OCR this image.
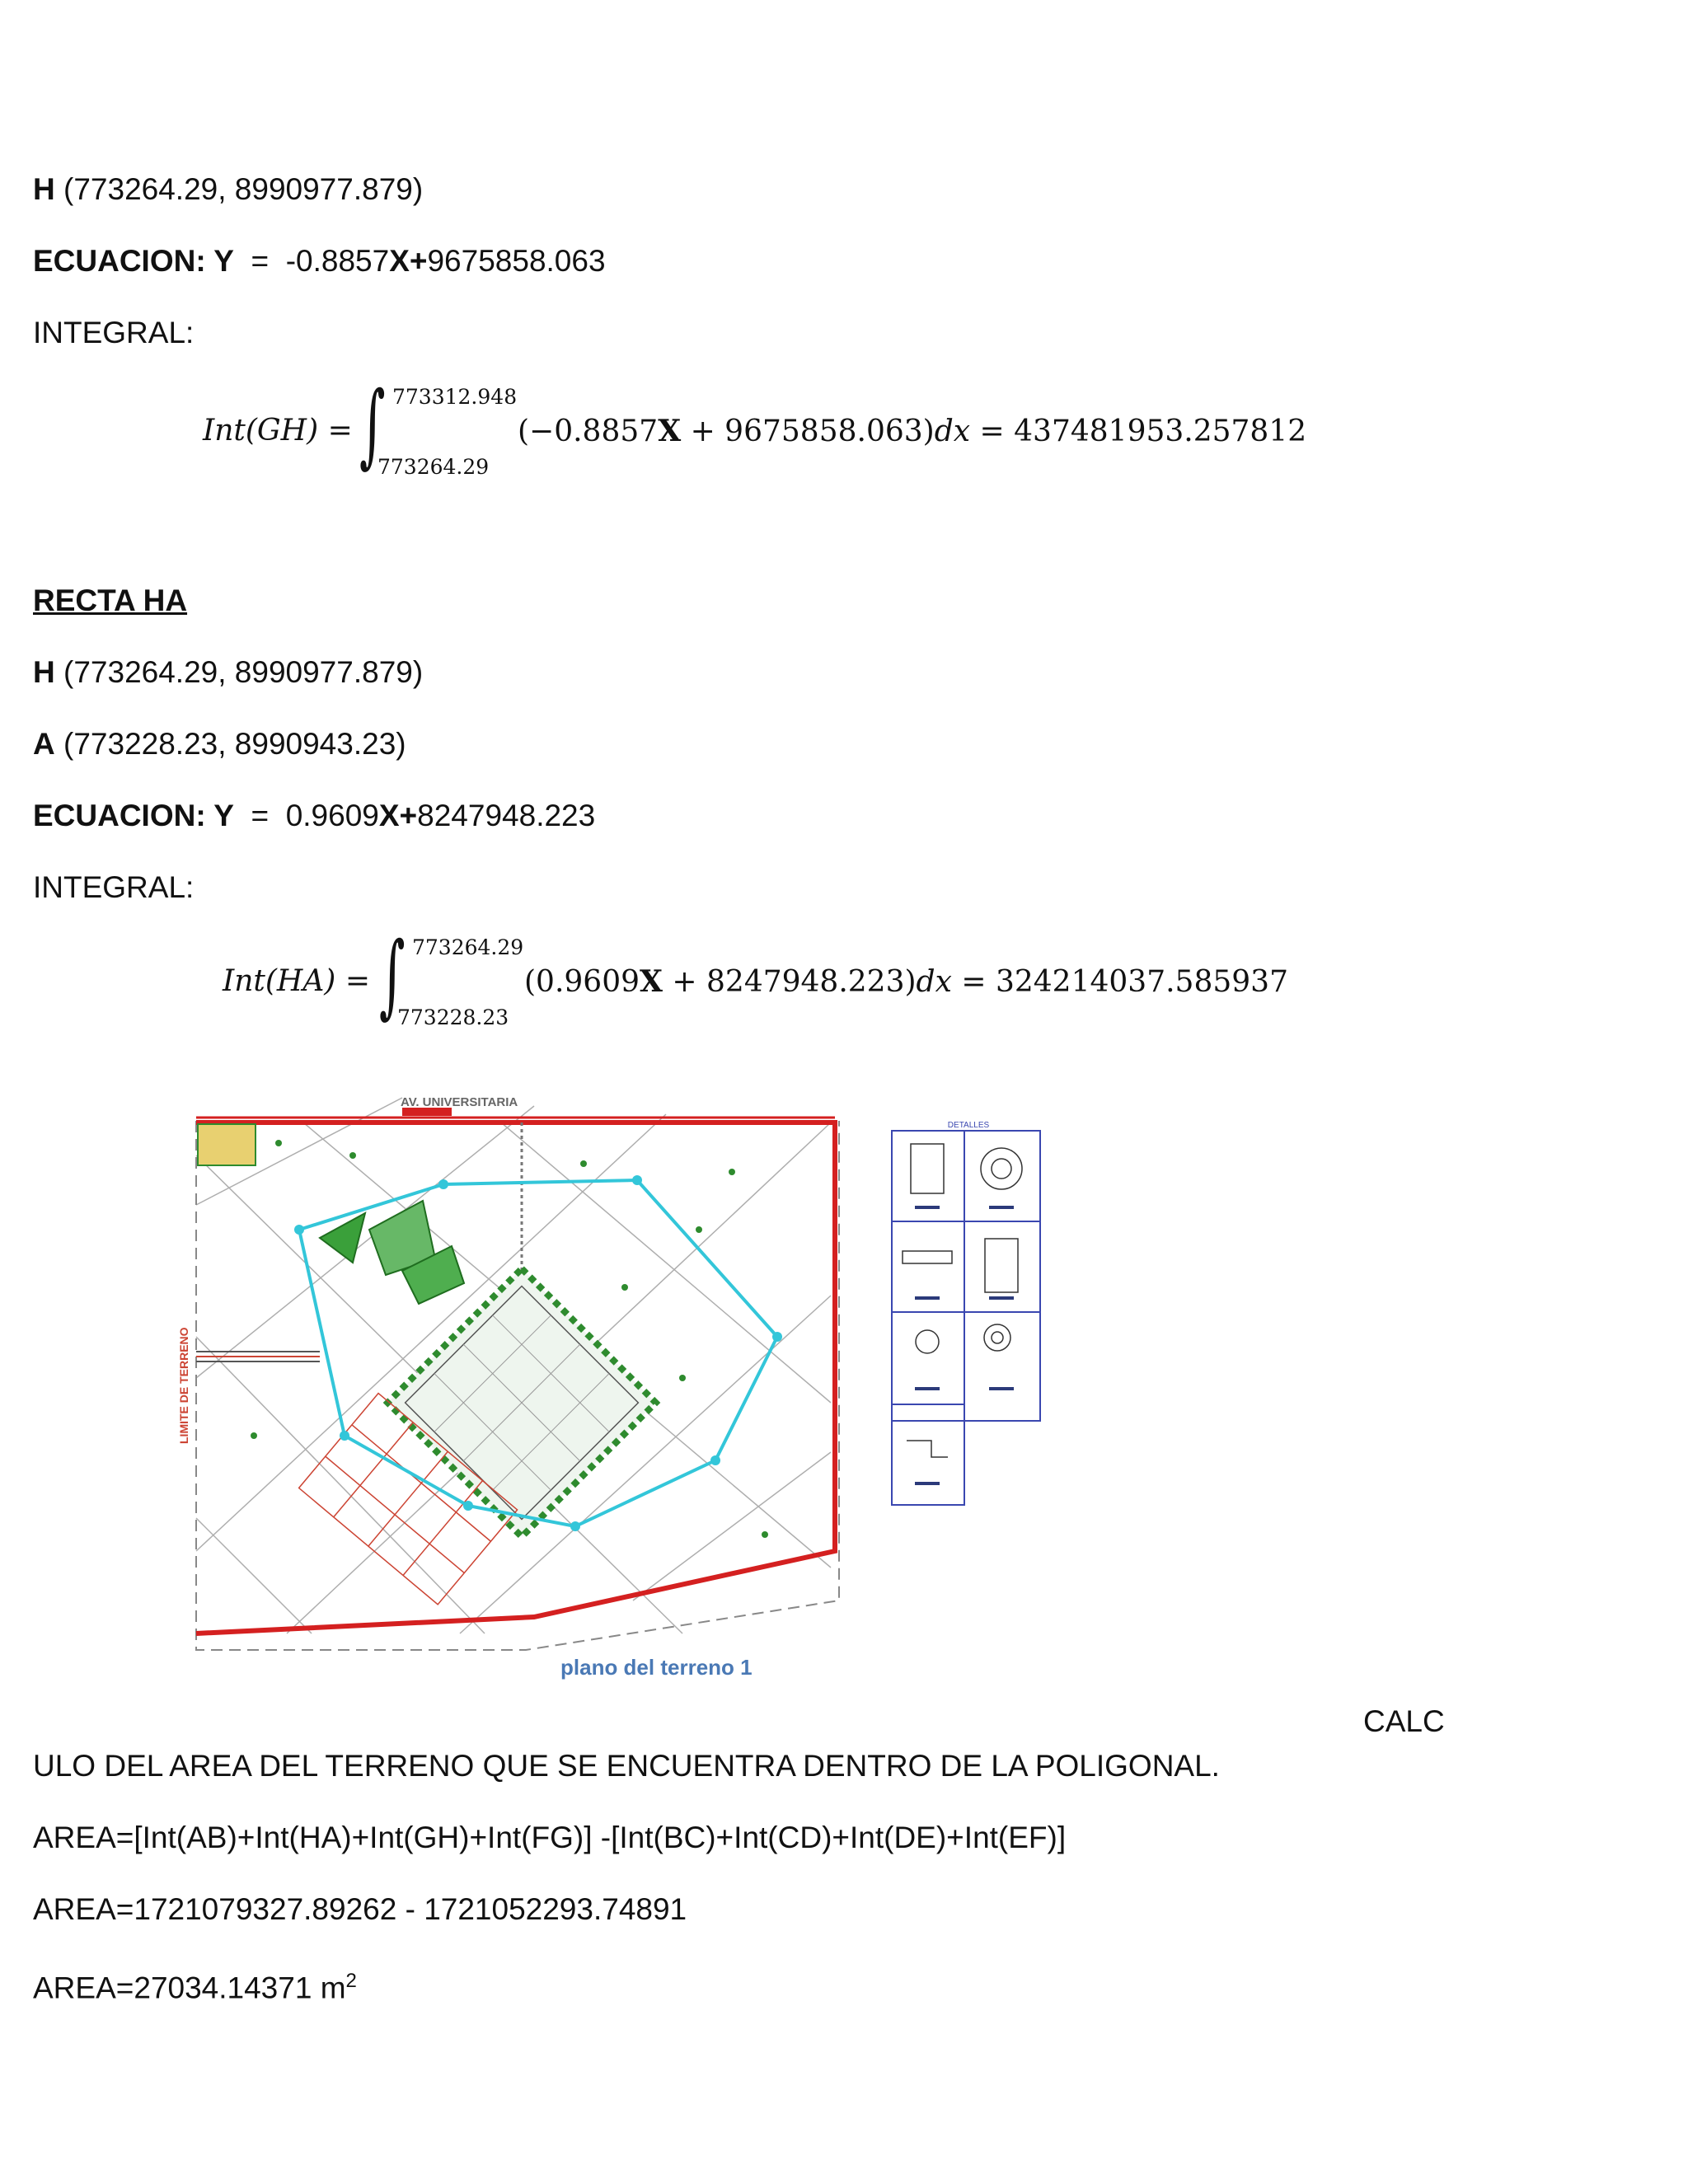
H (773264.29, 8990977.879)
ECUACION: Y = -0.8857X+9675858.063
INTEGRAL:
Int(GH) = ∫ 773312.948
773264.29
(−0.8857X + 9675858.063)dx = 437481953.257812
RECTA HA
H (773264.29, 8990977.879)
A (773228.23, 8990943.23)
ECUACION: Y = 0.9609X+8247948.223
INTEGRAL:
Int(HA) = ∫ 773264.29
773228.23
(0.9609X + 8247948.223)dx = 324214037.585937
AV. UNIVERSITARIA
LIMITE DE TERRENO
DETALLES
plano del terreno 1
CALC
ULO DEL AREA DEL TERRENO QUE SE ENCUENTRA DENTRO DE LA POLIGONAL.
AREA=[Int(AB)+Int(HA)+Int(GH)+Int(FG)] -[Int(BC)+Int(CD)+Int(DE)+Int(EF)]
AREA=1721079327.89262 - 1721052293.74891
AREA=27034.14371 $m^2$
